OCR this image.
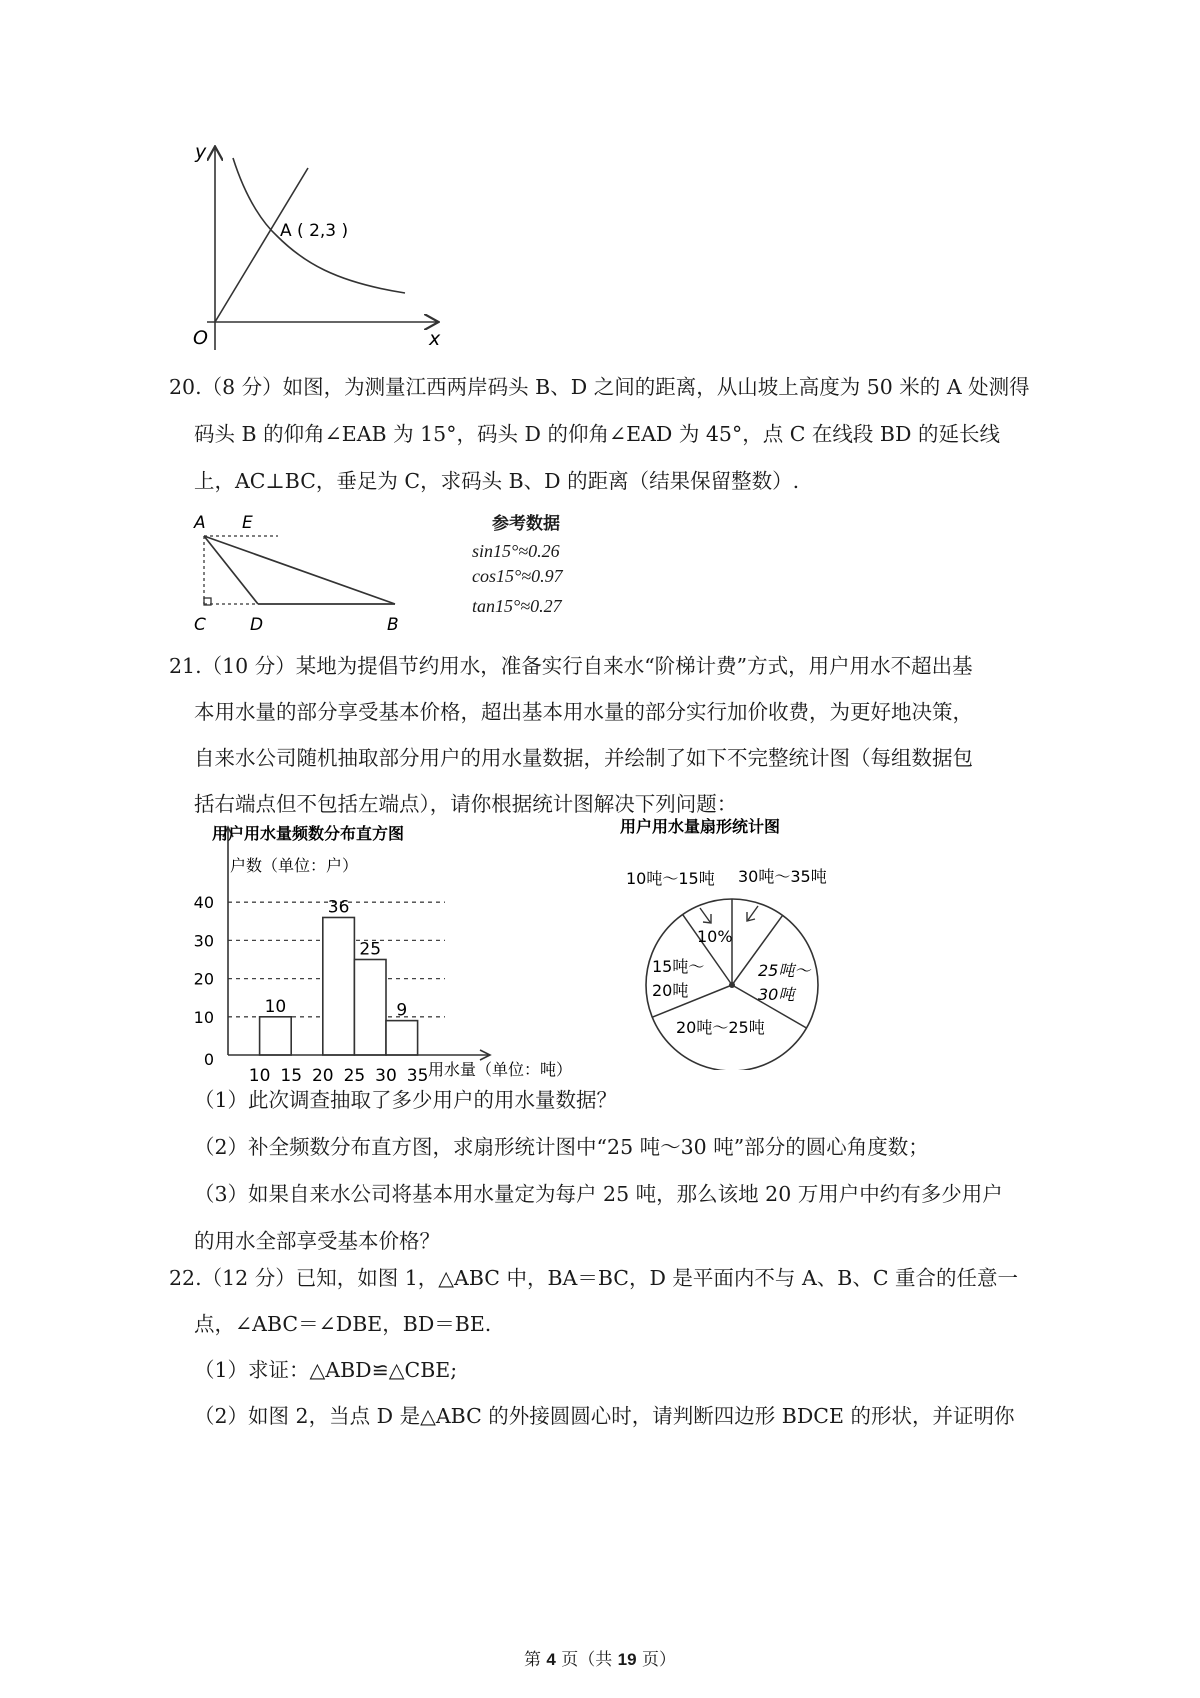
y
x
O
A ( 2,3 )
20.（8 分）如图，为测量江西两岸码头 B、D 之间的距离，从山坡上高度为 50 米的 A 处测得
码头 B 的仰角∠EAB 为 15°，码头 D 的仰角∠EAD 为 45°，点 C 在线段 BD 的延长线
上，AC⊥BC，垂足为 C，求码头 B、D 的距离（结果保留整数）.
A E
C	D	B
参考数据
sin15°≈0.26
cos15°≈0.97
tan15°≈0.27
21.（10 分）某地为提倡节约用水，准备实行自来水“阶梯计费”方式，用户用水不超出基
本用水量的部分享受基本价格，超出基本用水量的部分实行加价收费，为更好地决策，
自来水公司随机抽取部分用户的用水量数据，并绘制了如下不完整统计图（每组数据包
括右端点但不包括左端点），请你根据统计图解决下列问题：
10
36
25
9
0
10
20
30
40
10 15 20 25 30 35
用户用水量频数分布直方图
户数（单位：户）
用水量（单位：吨）
用户用水量扇形统计图
10吨～15吨 30吨～35吨
10%
15吨～
20吨
25吨～
30吨
20吨～25吨
（1）此次调查抽取了多少用户的用水量数据？
（2）补全频数分布直方图，求扇形统计图中“25 吨～30 吨”部分的圆心角度数；
（3）如果自来水公司将基本用水量定为每户 25 吨，那么该地 20 万用户中约有多少用户
的用水全部享受基本价格？
22.（12 分）已知，如图 1，△ABC 中，BA＝BC，D 是平面内不与 A、B、C 重合的任意一
点，∠ABC＝∠DBE，BD＝BE.
（1）求证：△ABD≌△CBE;
（2）如图 2，当点 D 是△ABC 的外接圆圆心时，请判断四边形 BDCE 的形状，并证明你
第 4 页（共 19 页）
